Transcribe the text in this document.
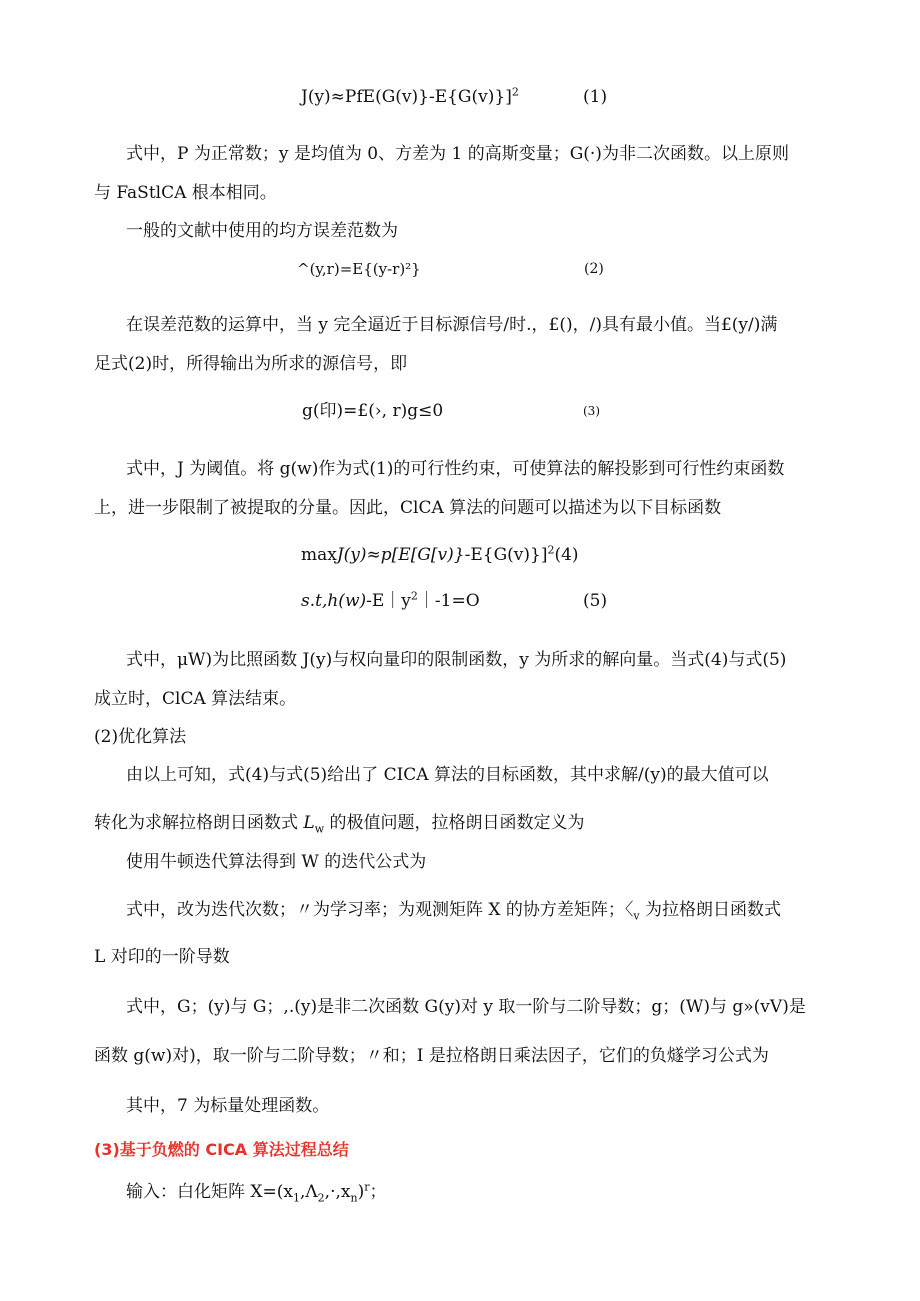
J(y)≈PfE(G(v)}-E{G(v)}]$^2$	(1)
式中，P 为正常数；y 是均值为 0、方差为 1 的高斯变量；G(·)为非二次函数。以上原则
与 FaStlCA 根本相同。
一般的文献中使用的均方误差范数为
^(y,r)=E{(y-r)²}	(2)
在误差范数的运算中，当 y 完全逼近于目标源信号/时.，£()，/)具有最小值。当£(y/)满
足式(2)时，所得输出为所求的源信号，即
g(印)=£(›, r)g≤0	(3)
式中，J 为阈值。将 g(w)作为式(1)的可行性约束，可使算法的解投影到可行性约束函数
上，进一步限制了被提取的分量。因此，ClCA 算法的问题可以描述为以下目标函数
$\max J(y)\approx p[E[G[v)\}-E\{G(v)\}]^2(4)$
$s.t,h(w)-E|y^2|-1=O$	(5)
式中，μW)为比照函数 J(y)与权向量印的限制函数，y 为所求的解向量。当式(4)与式(5)
成立时，ClCA 算法结束。
(2)优化算法
由以上可知，式(4)与式(5)给出了 CICA 算法的目标函数，其中求解/(y)的最大值可以
转化为求解拉格朗日函数式 $L_w$ 的极值问题，拉格朗日函数定义为
使用牛顿迭代算法得到 W 的迭代公式为
式中，改为迭代次数；〃为学习率；为观测矩阵 X 的协方差矩阵；〈$_v$ 为拉格朗日函数式
L 对印的一阶导数
式中，G；(y)与 G；,.(y)是非二次函数 G(y)对 y 取一阶与二阶导数；g；(W)与 g»(vV)是
函数 g(w)对)，取一阶与二阶导数；〃和；I 是拉格朗日乘法因子，它们的负燧学习公式为
其中，7 为标量处理函数。
(3)基于负燃的 CICA 算法过程总结
输入：白化矩阵 $X=(x_1,\Lambda_2,\cdot,x_n)^r$；
